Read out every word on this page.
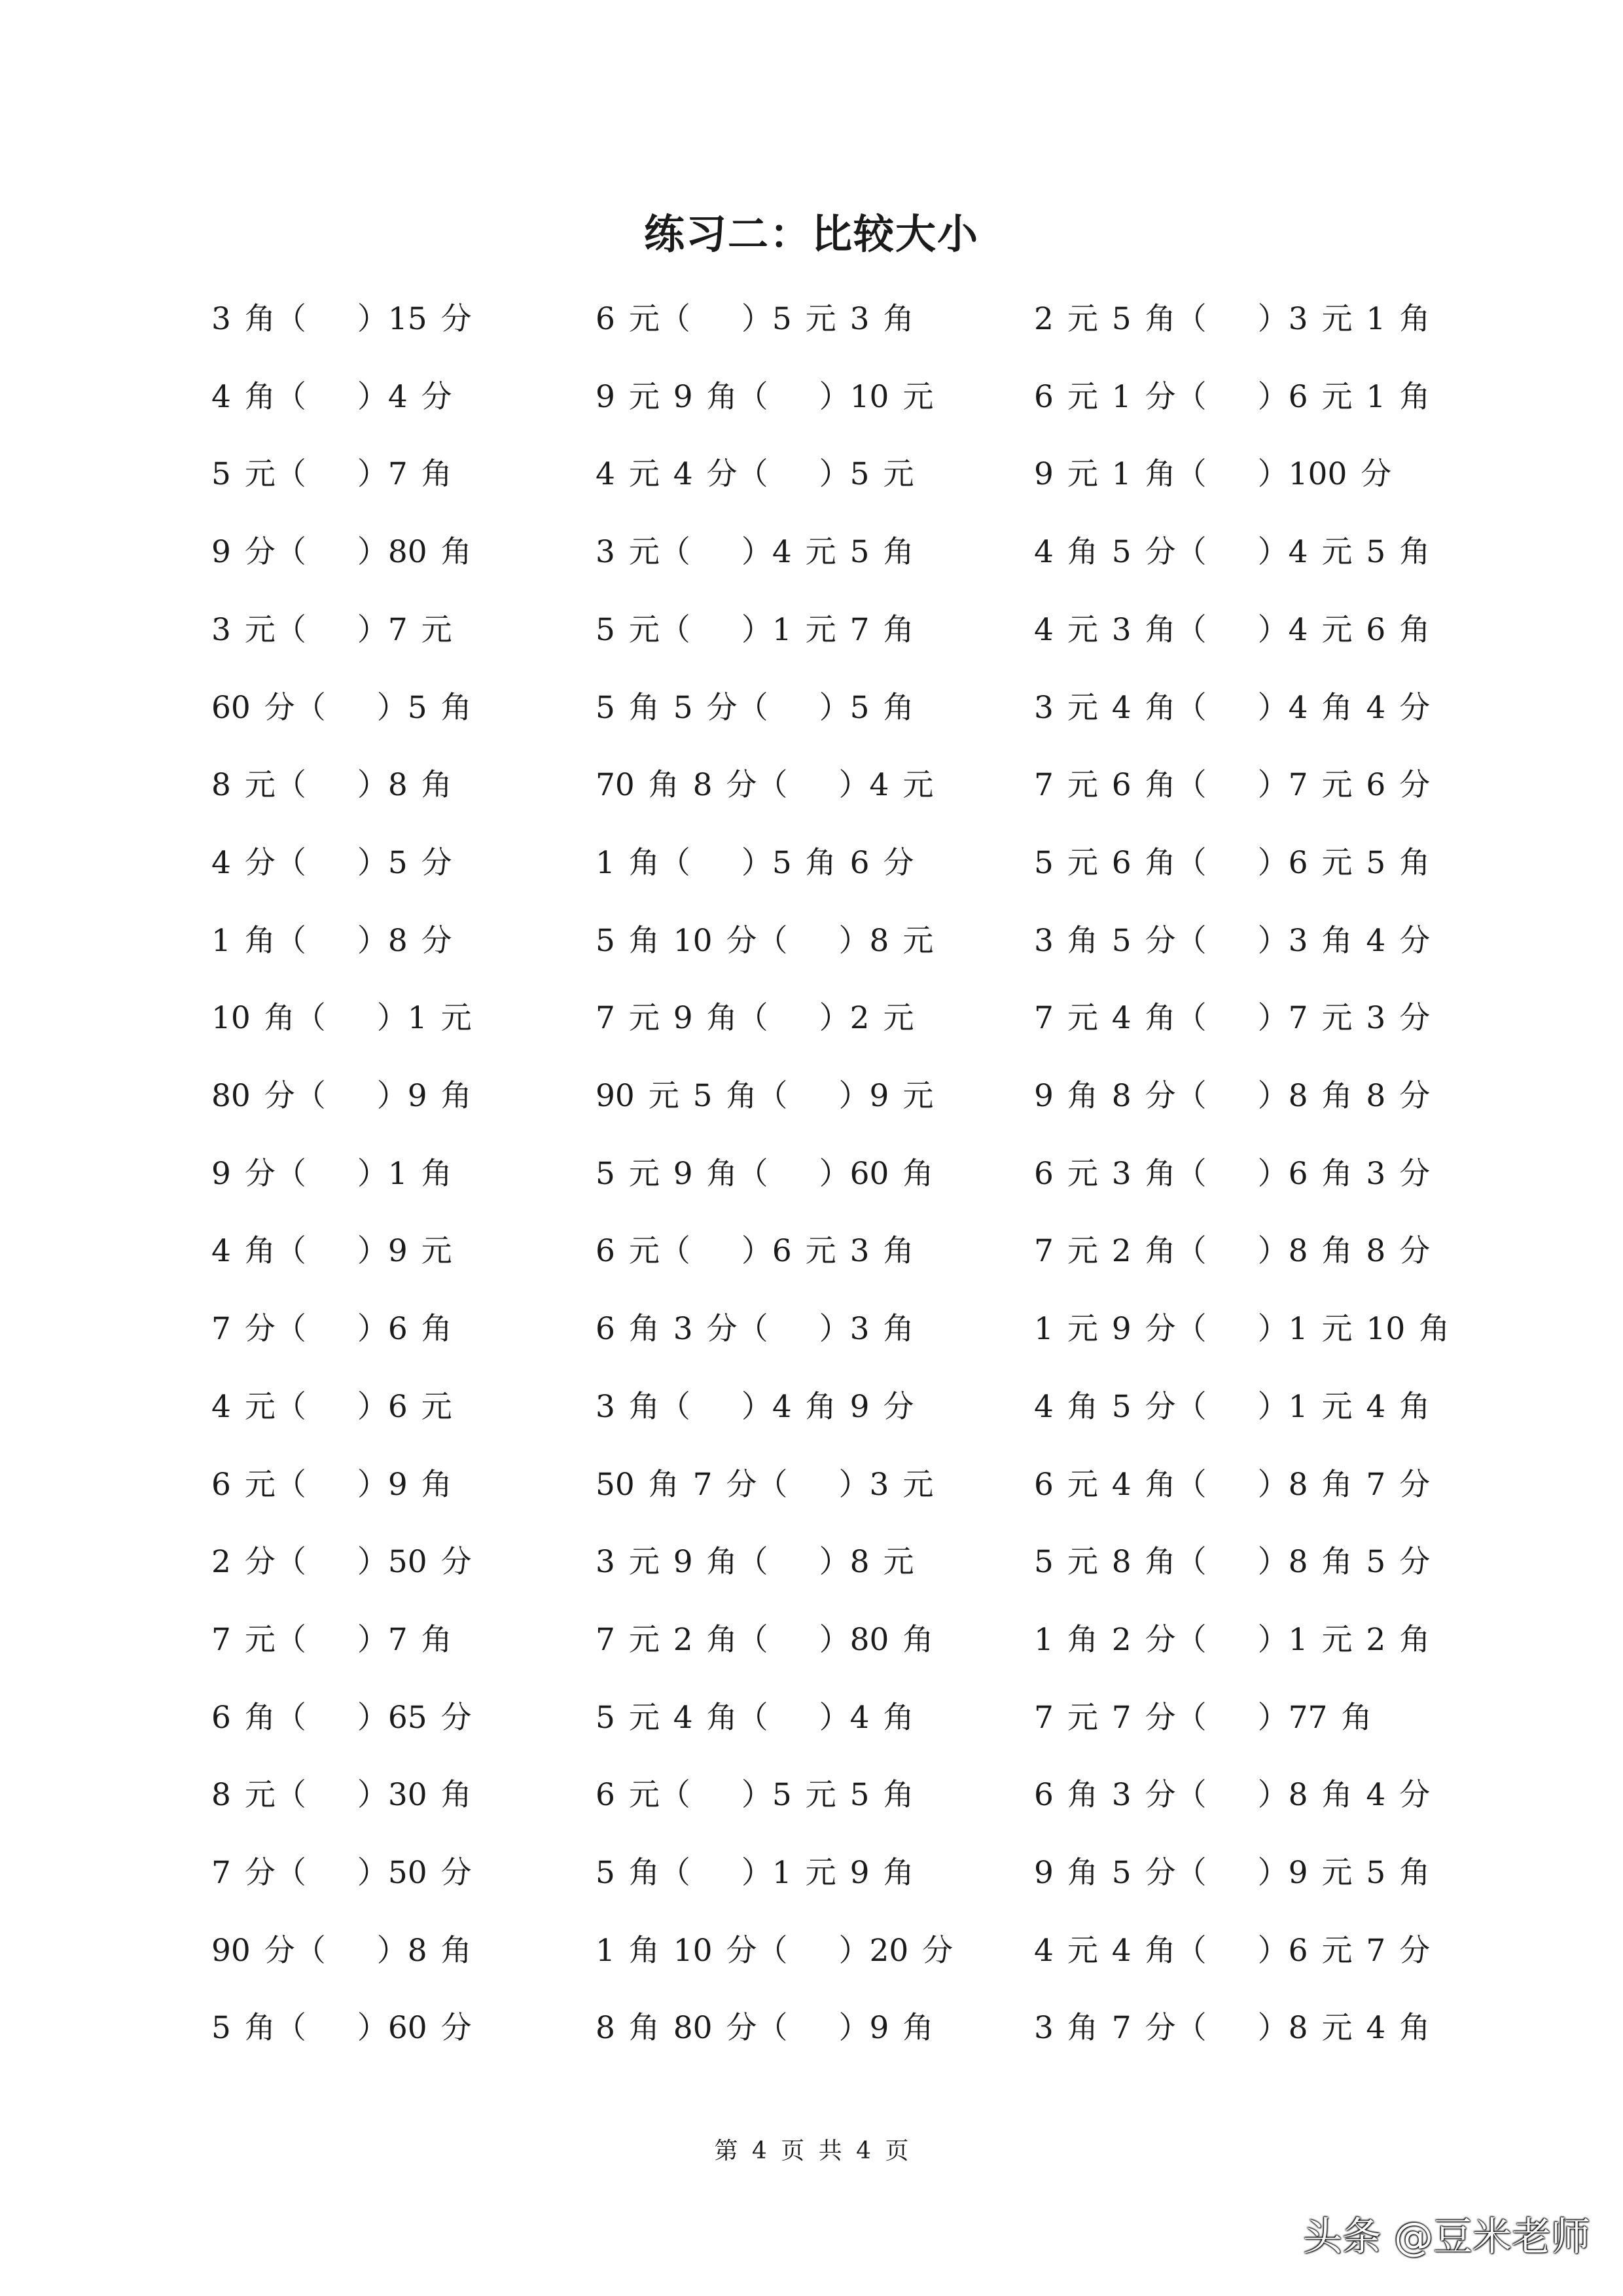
练习二：比较大小
3 角（ ）15 分	6 元（ ）5 元 3 角	2 元 5 角（ ）3 元 1 角
4 角（ ）4 分	9 元 9 角（ ）10 元	6 元 1 分（ ）6 元 1 角
5 元（ ）7 角	4 元 4 分（ ）5 元	9 元 1 角（ ）100 分
9 分（ ）80 角	3 元（ ）4 元 5 角	4 角 5 分（ ）4 元 5 角
3 元（ ）7 元	5 元（ ）1 元 7 角	4 元 3 角（ ）4 元 6 角
60 分（ ）5 角	5 角 5 分（ ）5 角	3 元 4 角（ ）4 角 4 分
8 元（ ）8 角	70 角 8 分（ ）4 元	7 元 6 角（ ）7 元 6 分
4 分（ ）5 分	1 角（ ）5 角 6 分	5 元 6 角（ ）6 元 5 角
1 角（ ）8 分	5 角 10 分（ ）8 元	3 角 5 分（ ）3 角 4 分
10 角（ ）1 元	7 元 9 角（ ）2 元	7 元 4 角（ ）7 元 3 分
80 分（ ）9 角	90 元 5 角（ ）9 元	9 角 8 分（ ）8 角 8 分
9 分（ ）1 角	5 元 9 角（ ）60 角	6 元 3 角（ ）6 角 3 分
4 角（ ）9 元	6 元（ ）6 元 3 角	7 元 2 角（ ）8 角 8 分
7 分（ ）6 角	6 角 3 分（ ）3 角	1 元 9 分（ ）1 元 10 角
4 元（ ）6 元	3 角（ ）4 角 9 分	4 角 5 分（ ）1 元 4 角
6 元（ ）9 角	50 角 7 分（ ）3 元	6 元 4 角（ ）8 角 7 分
2 分（ ）50 分	3 元 9 角（ ）8 元	5 元 8 角（ ）8 角 5 分
7 元（ ）7 角	7 元 2 角（ ）80 角	1 角 2 分（ ）1 元 2 角
6 角（ ）65 分	5 元 4 角（ ）4 角	7 元 7 分（ ）77 角
8 元（ ）30 角	6 元（ ）5 元 5 角	6 角 3 分（ ）8 角 4 分
7 分（ ）50 分	5 角（ ）1 元 9 角	9 角 5 分（ ）9 元 5 角
90 分（ ）8 角	1 角 10 分（ ）20 分	4 元 4 角（ ）6 元 7 分
5 角（ ）60 分	8 角 80 分（ ）9 角	3 角 7 分（ ）8 元 4 角
第 4 页 共 4 页
头条 @豆米老师
